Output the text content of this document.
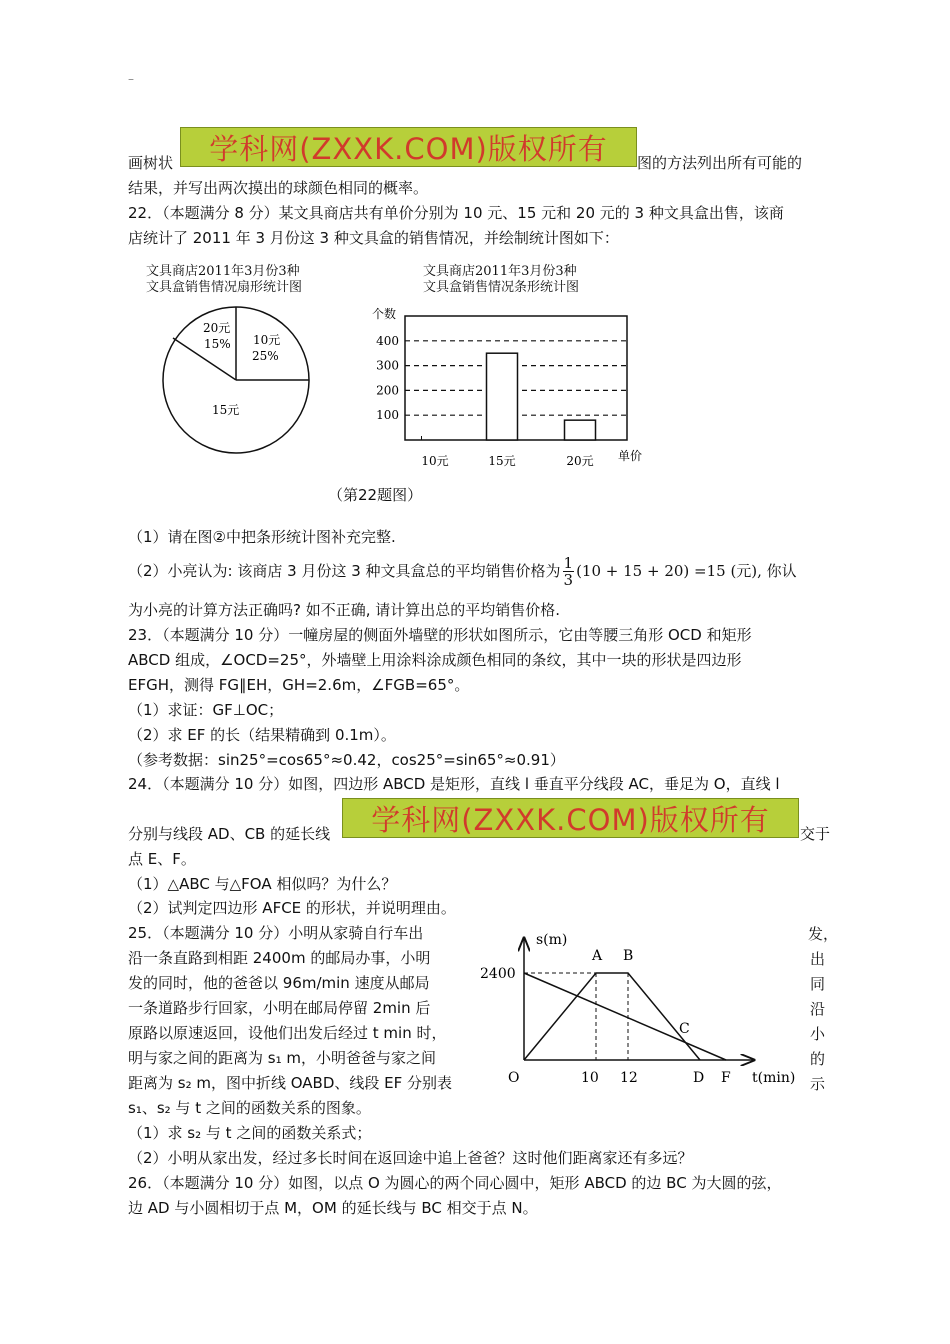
–
画树状	学科网(ZXXK.COM)版权所有	图的方法列出所有可能的
结果，并写出两次摸出的球颜色相同的概率。
22．（本题满分 8 分）某文具商店共有单价分别为 10 元、15 元和 20 元的 3 种文具盒出售，该商
店统计了 2011 年 3 月份这 3 种文具盒的销售情况，并绘制统计图如下：
文具商店2011年3月份3种
文具盒销售情况扇形统计图
文具商店2011年3月份3种
文具盒销售情况条形统计图
20元
15% 10元
25%
15元
个数
100
200
300
400
10元	15元	20元 单价
（第22题图）
（1）请在图②中把条形统计图补充完整.
（2）小亮认为: 该商店 3 月份这 3 种文具盒总的平均销售价格为 $\frac{1}{3} (10 + 15 + 20) =15$ (元), 你认
为小亮的计算方法正确吗? 如不正确, 请计算出总的平均销售价格.
23．（本题满分 10 分）一幢房屋的侧面外墙壁的形状如图所示，它由等腰三角形 OCD 和矩形
ABCD 组成，∠OCD=25°，外墙壁上用涂料涂成颜色相同的条纹，其中一块的形状是四边形
EFGH，测得 FG∥EH，GH=2.6m，∠FGB=65°。
（1）求证：GF⊥OC；
（2）求 EF 的长（结果精确到 0.1m）。
（参考数据：sin25°=cos65°≈0.42，cos25°=sin65°≈0.91）
24．（本题满分 10 分）如图，四边形 ABCD 是矩形，直线 l 垂直平分线段 AC，垂足为 O，直线 l
分别与线段 AD、CB 的延长线	学科网(ZXXK.COM)版权所有	交于
点 E、F。
（1）△ABC 与△FOA 相似吗？为什么？
（2）试判定四边形 AFCE 的形状，并说明理由。
25．（本题满分 10 分）小明从家骑自行车出
沿一条直路到相距 2400m 的邮局办事，小明
发的同时，他的爸爸以 96m/min 速度从邮局
一条道路步行回家，小明在邮局停留 2min 后
原路以原速返回，设他们出发后经过 t min 时，
明与家之间的距离为 s₁ m，小明爸爸与家之间
距离为 s₂ m，图中折线 OABD、线段 EF 分别表
发，
出
同
沿
小
的
示
s(m)
t(min)
2400
O	10 12
A B
C
D F
s₁、s₂ 与 t 之间的函数关系的图象。
（1）求 s₂ 与 t 之间的函数关系式；
（2）小明从家出发，经过多长时间在返回途中追上爸爸？这时他们距离家还有多远？
26．（本题满分 10 分）如图，以点 O 为圆心的两个同心圆中，矩形 ABCD 的边 BC 为大圆的弦，
边 AD 与小圆相切于点 M，OM 的延长线与 BC 相交于点 N。
